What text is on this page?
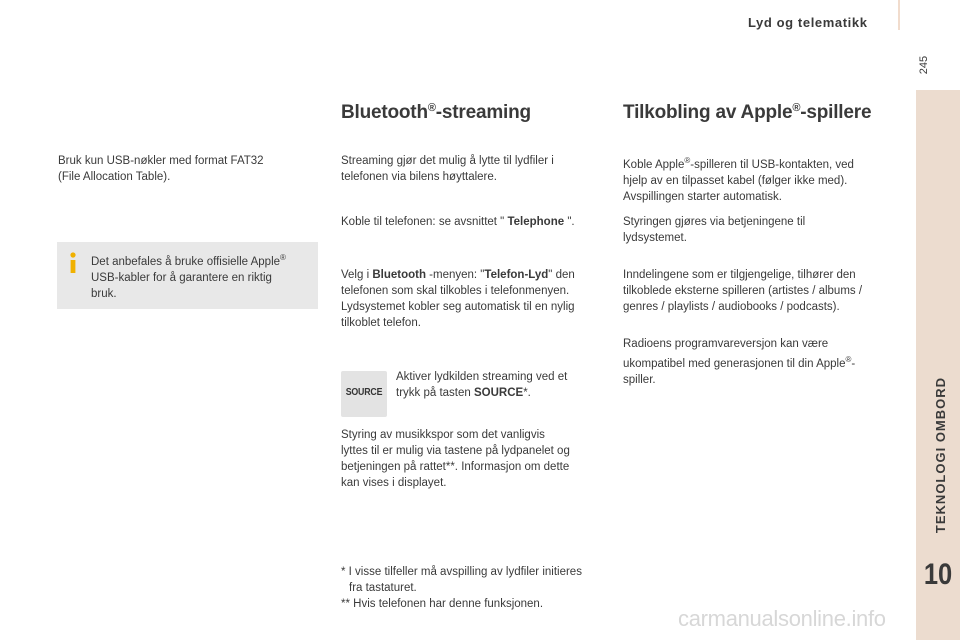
Lyd og telematikk
245
TEKNOLOGI OMBORD
10
Bruk kun USB-nøkler med format FAT32
(File Allocation Table).
Det anbefales å bruke offisielle Apple®
USB-kabler for å garantere en riktig
bruk.
Bluetooth®-streaming
Streaming gjør det mulig å lytte til lydfiler i
telefonen via bilens høyttalere.
Koble til telefonen: se avsnittet " Telephone ".
Velg i Bluetooth -menyen: "Telefon-Lyd" den
telefonen som skal tilkobles i telefonmenyen.
Lydsystemet kobler seg automatisk til en nylig
tilkoblet telefon.
SOURCE
Aktiver lydkilden streaming ved et
trykk på tasten SOURCE*.
Styring av musikkspor som det vanligvis
lyttes til er mulig via tastene på lydpanelet og
betjeningen på rattet**. Informasjon om dette
kan vises i displayet.
* I visse tilfeller må avspilling av lydfiler initieres
fra tastaturet.
** Hvis telefonen har denne funksjonen.
Tilkobling av Apple®-spillere
Koble Apple®-spilleren til USB-kontakten, ved
hjelp av en tilpasset kabel (følger ikke med).
Avspillingen starter automatisk.
Styringen gjøres via betjeningene til
lydsystemet.
Inndelingene som er tilgjengelige, tilhører den
tilkoblede eksterne spilleren (artistes / albums /
genres / playlists / audiobooks / podcasts).
Radioens programvareversjon kan være
ukompatibel med generasjonen til din Apple®-
spiller.
carmanualsonline.info
